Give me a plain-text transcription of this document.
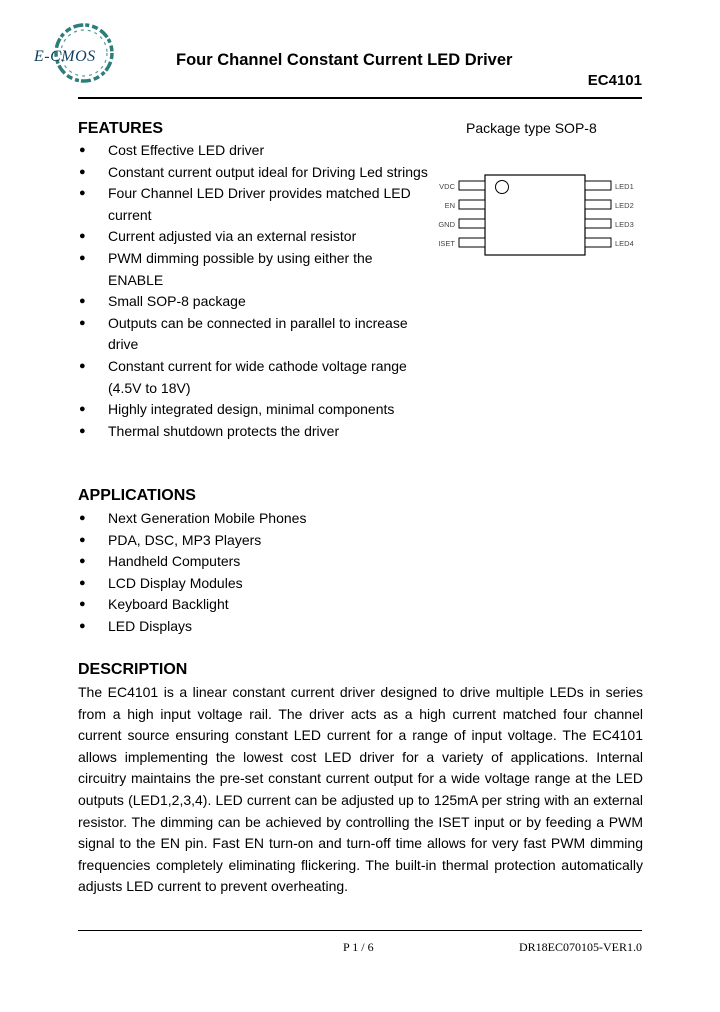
E-CMOS	Four Channel Constant Current LED Driver
EC4101
FEATURES
● Cost Effective LED driver
● Constant current output ideal for Driving Led strings
● Four Channel LED Driver provides matched LED current
● Current adjusted via an external resistor
● PWM dimming possible by using either the ENABLE
● Small SOP-8 package
● Outputs can be connected in parallel to increase drive
● Constant current for wide cathode voltage range (4.5V to 18V)
● Highly integrated design, minimal components
● Thermal shutdown protects the driver
Package type SOP-8
VDC
EN
GND
ISET
LED1
LED2
LED3
LED4
APPLICATIONS
● Next Generation Mobile Phones
● PDA, DSC, MP3 Players
● Handheld Computers
● LCD Display Modules
● Keyboard Backlight
● LED Displays
DESCRIPTION

The EC4101 is a linear constant current driver designed to drive multiple LEDs in series from a high input voltage rail. The driver acts as a high current matched four channel current source ensuring constant LED current for a range of input voltage. The EC4101 allows implementing the lowest cost LED driver for a variety of applications. Internal circuitry maintains the pre-set constant current output for a wide voltage range at the LED outputs (LED1,2,3,4). LED current can be adjusted up to 125mA per string with an external resistor. The dimming can be achieved by controlling the ISET input or by feeding a PWM signal to the EN pin. Fast EN turn-on and turn-off time allows for very fast PWM dimming frequencies completely eliminating flickering. The built-in thermal protection automatically adjusts LED current to prevent overheating.

P 1 / 6	DR18EC070105-VER1.0
